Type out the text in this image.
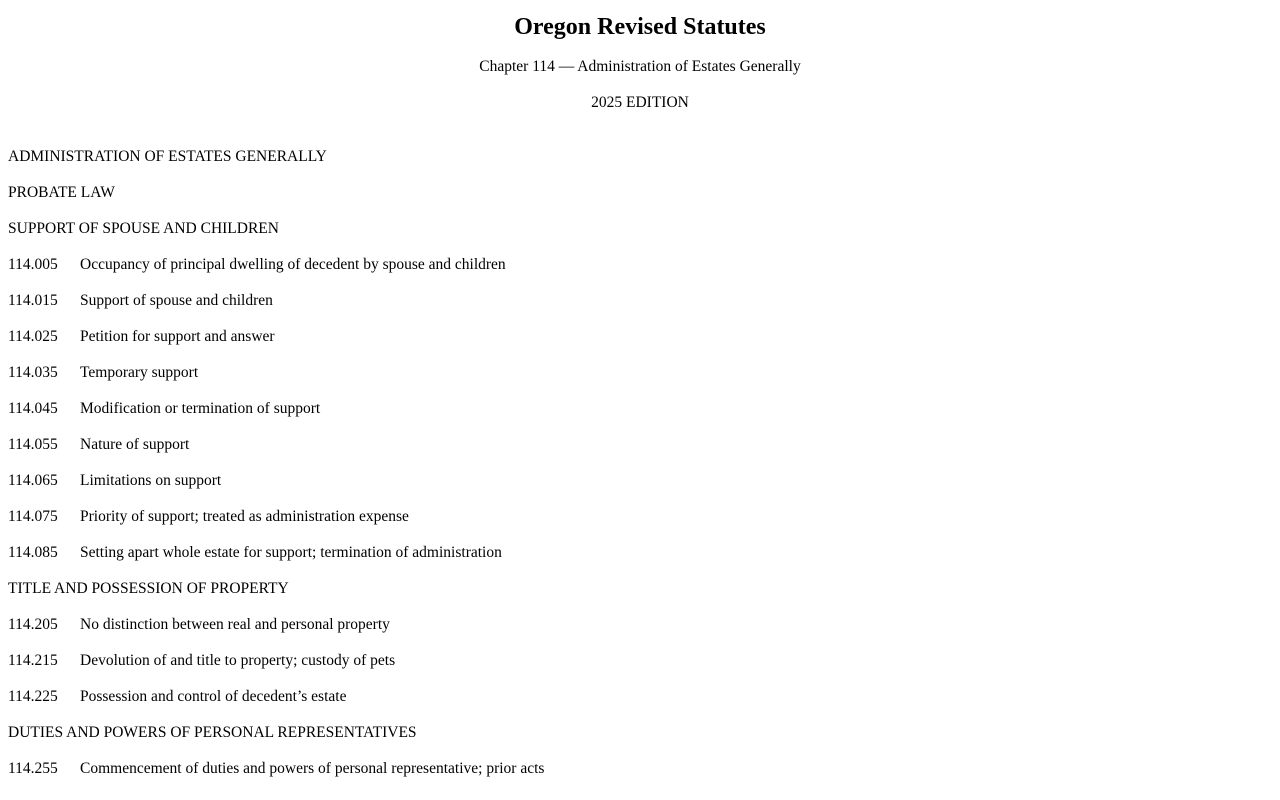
Oregon Revised Statutes

Chapter 114 — Administration of Estates Generally

2025 EDITION

ADMINISTRATION OF ESTATES GENERALLY
PROBATE LAW
SUPPORT OF SPOUSE AND CHILDREN
114.005 Occupancy of principal dwelling of decedent by spouse and children
114.015 Support of spouse and children
114.025 Petition for support and answer
114.035 Temporary support
114.045 Modification or termination of support
114.055 Nature of support
114.065 Limitations on support
114.075 Priority of support; treated as administration expense
114.085 Setting apart whole estate for support; termination of administration
TITLE AND POSSESSION OF PROPERTY
114.205 No distinction between real and personal property
114.215 Devolution of and title to property; custody of pets
114.225 Possession and control of decedent’s estate
DUTIES AND POWERS OF PERSONAL REPRESENTATIVES
114.255 Commencement of duties and powers of personal representative; prior acts
